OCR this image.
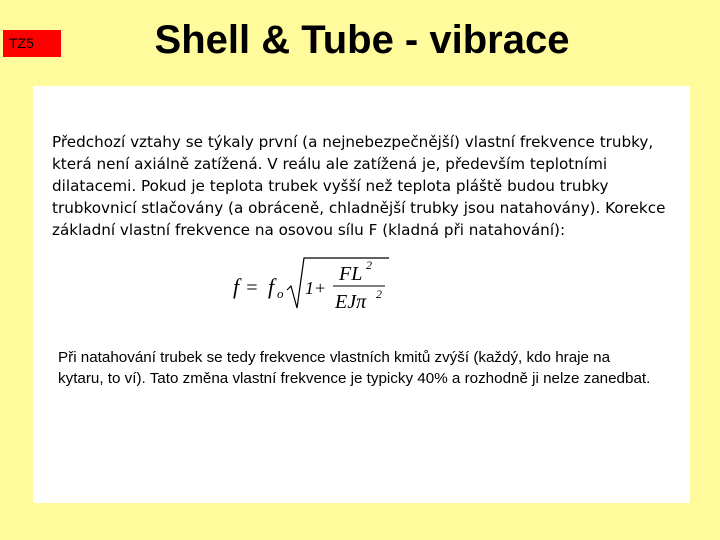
TZ5	Shell & Tube - vibrace
Předchozí vztahy se týkaly první (a nejnebezpečnější) vlastní frekvence trubky, která není axiálně zatížená. V reálu ale zatížená je, především teplotními dilatacemi. Pokud je teplota trubek vyšší než teplota pláště budou trubky trubkovnicí stlačovány (a obráceně, chladnější trubky jsou natahovány). Korekce základní vlastní frekvence na osovou sílu F (kladná při natahování):
f = f o 1+
FL 2
EJπ 2
Při natahování trubek se tedy frekvence vlastních kmitů zvýší (každý, kdo hraje na kytaru, to ví). Tato změna vlastní frekvence je typicky 40% a rozhodně ji nelze zanedbat.
